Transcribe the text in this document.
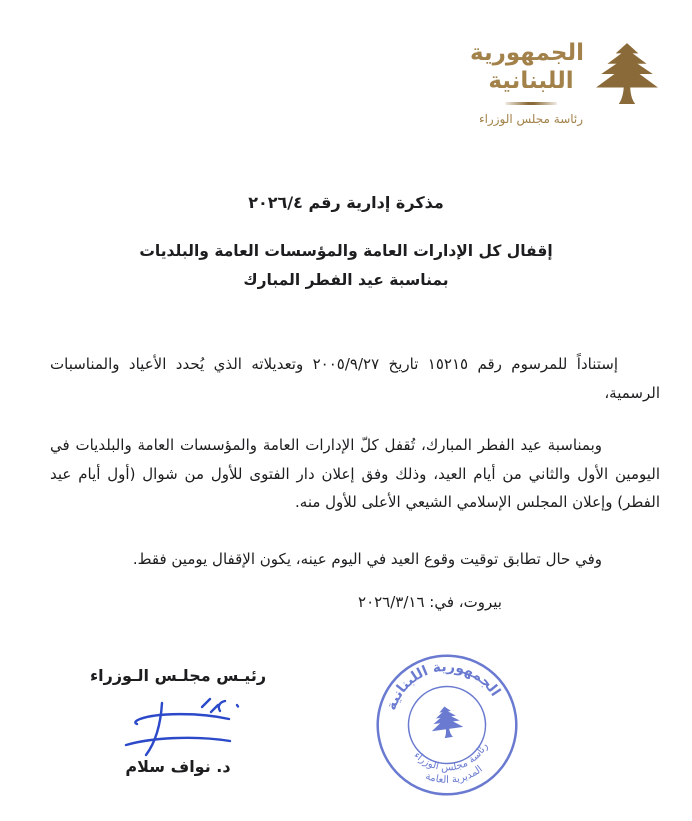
الجمهورية
اللبنانية
رئاسة مجلس الوزراء
مذكرة إدارية رقم ٢٠٢٦/٤
إقفال كل الإدارات العامة والمؤسسات العامة والبلديات
بمناسبة عيد الفطر المبارك

إستناداً للمرسوم رقم ١٥٢١٥ تاريخ ٢٠٠٥/٩/٢٧ وتعديلاته الذي يُحدد الأعياد والمناسبات الرسمية،

وبمناسبة عيد الفطر المبارك، تُقفل كلّ الإدارات العامة والمؤسسات العامة والبلديات في اليومين الأول والثاني من أيام العيد، وذلك وفق إعلان دار الفتوى للأول من شوال (أول أيام عيد الفطر) وإعلان المجلس الإسلامي الشيعي الأعلى للأول منه.

وفي حال تطابق توقيت وقوع العيد في اليوم عينه، يكون الإقفال يومين فقط.

بيروت، في: ٢٠٢٦/٣/١٦
رئيـس مجلـس الـوزراء
د. نواف سلام
الجمهورية اللبنانية
رئاسة مجلس الوزراء
المديرية العامة
